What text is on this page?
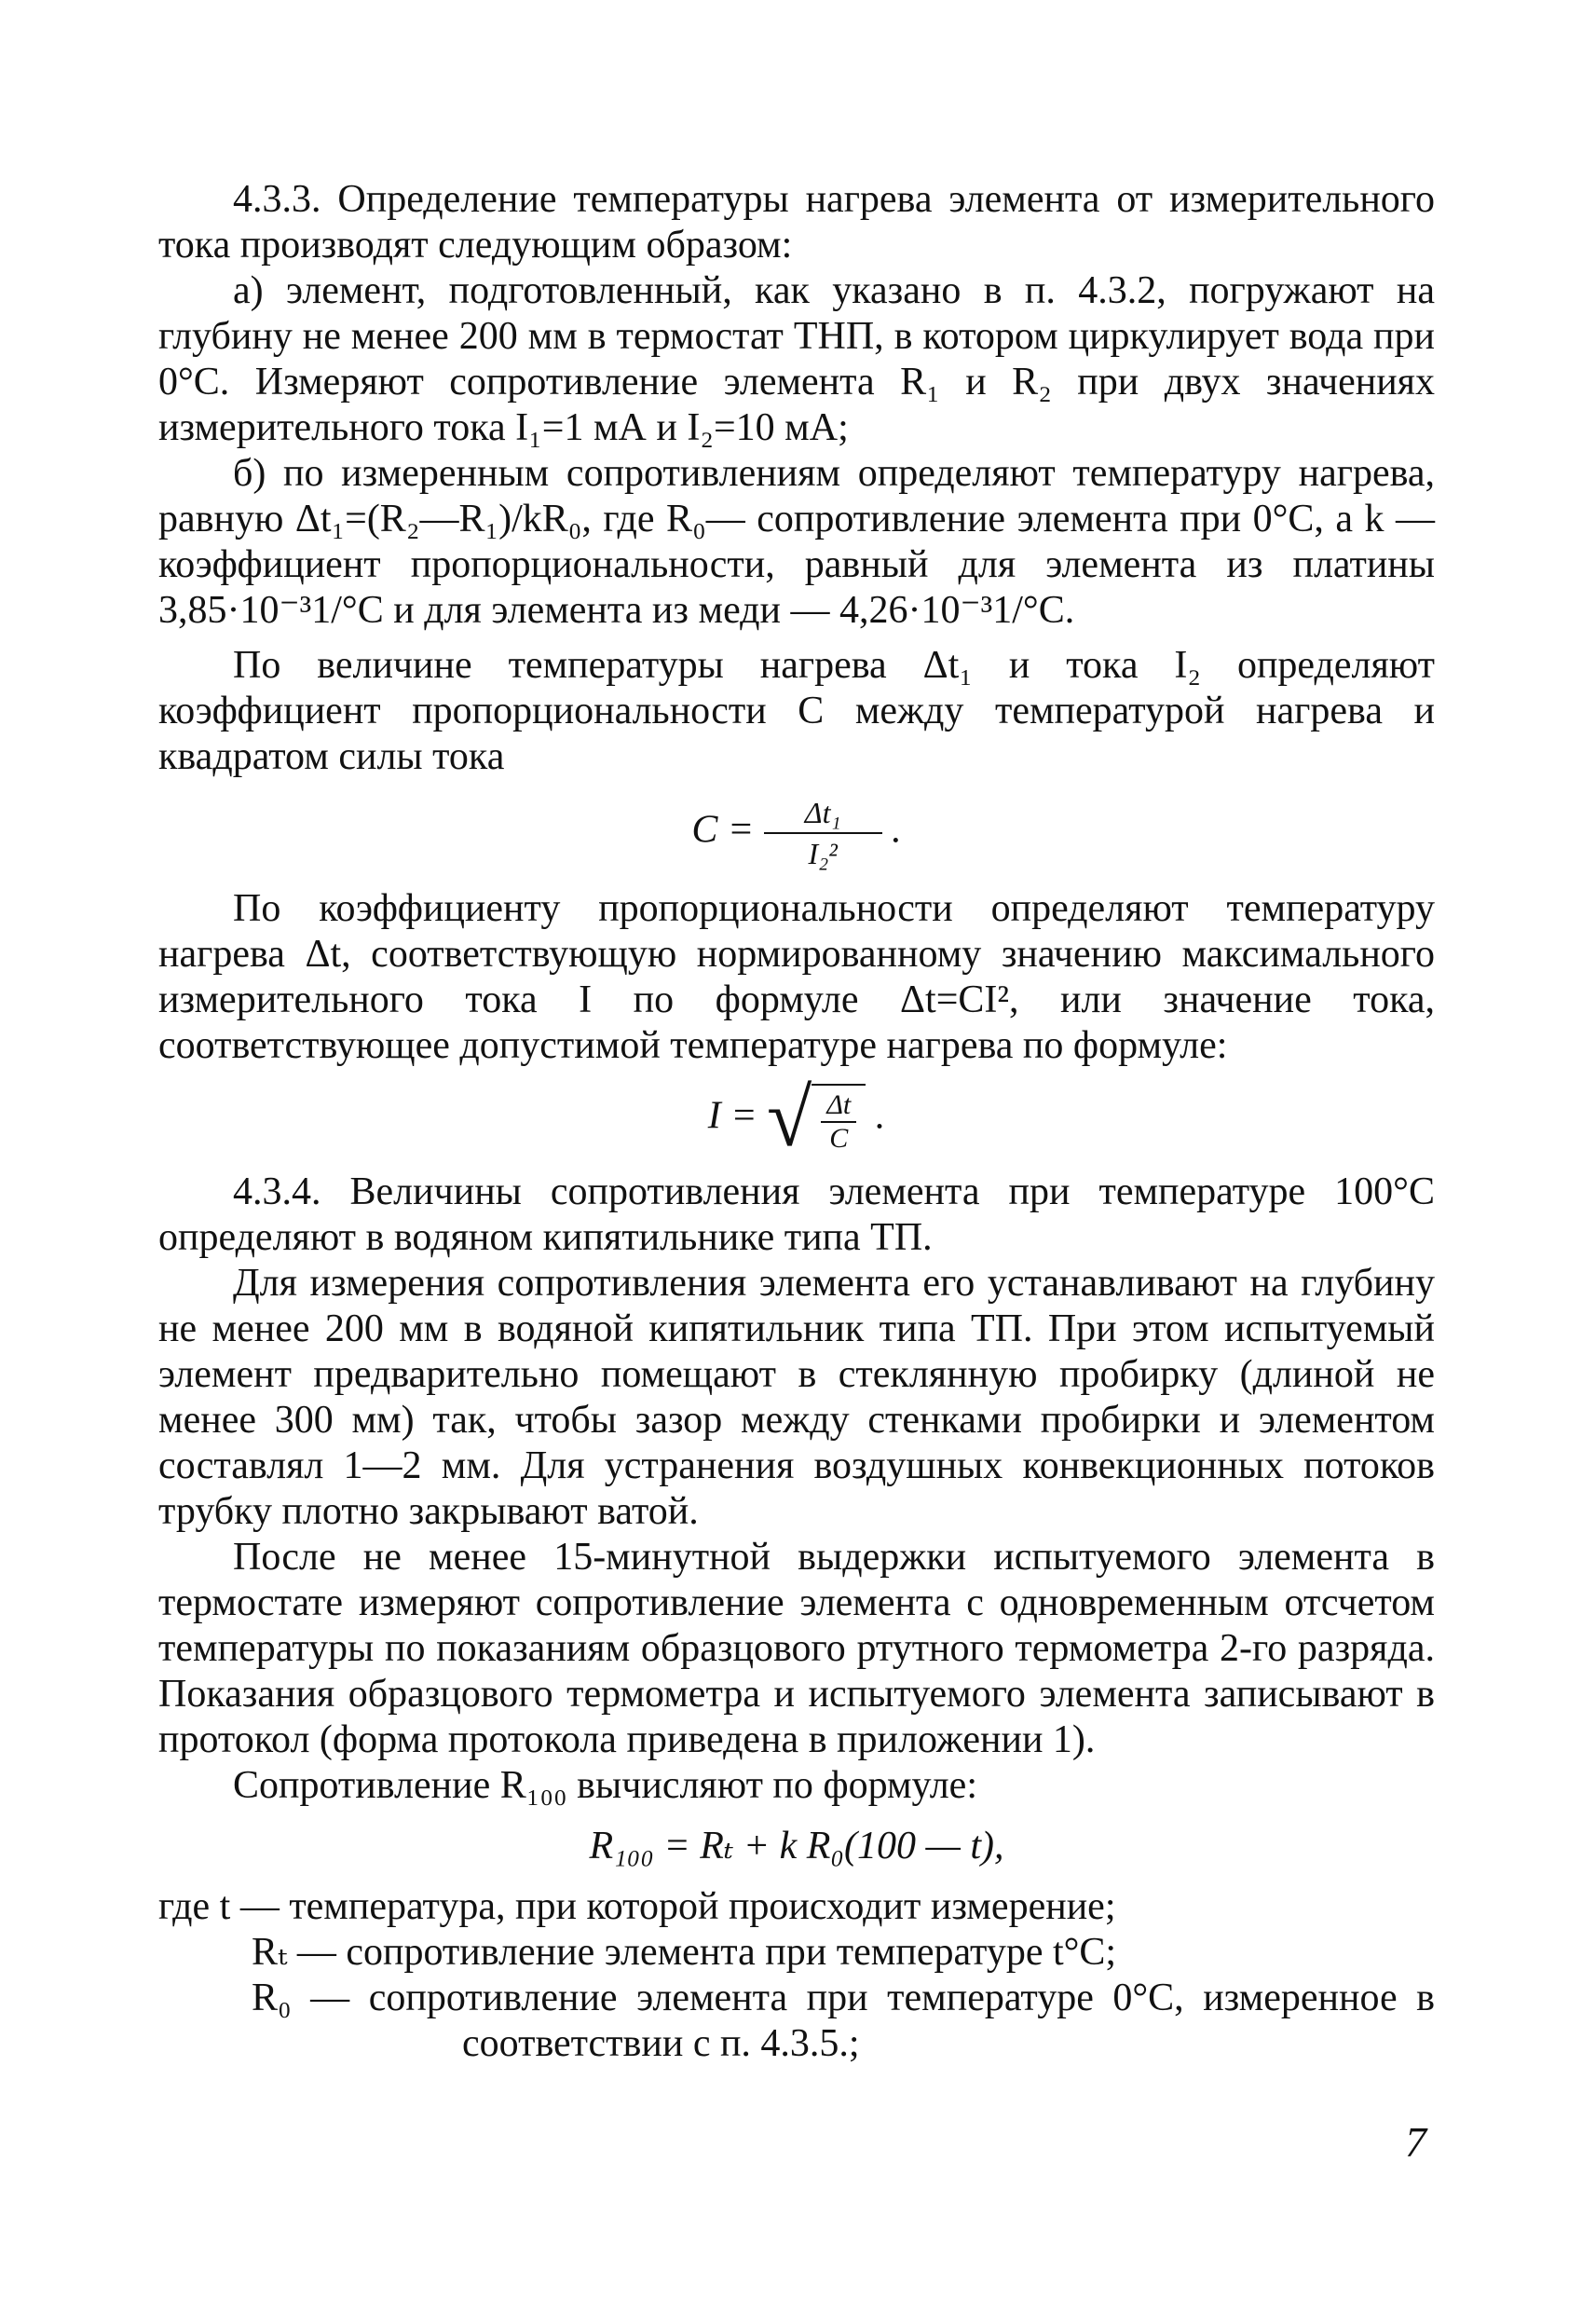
4.3.3. Определение температуры нагрева элемента от измерительного тока производят следующим образом:

а) элемент, подготовленный, как указано в п. 4.3.2, погружают на глубину не менее 200 мм в термостат ТНП, в котором циркулирует вода при 0°С. Измеряют сопротивление элемента R₁ и R₂ при двух значениях измерительного тока I₁=1 мА и I₂=10 мА;

б) по измеренным сопротивлениям определяют температуру нагрева, равную Δt₁=(R₂—R₁)/kR₀, где R₀— сопротивление элемента при 0°С, а k — коэффициент пропорциональности, равный для элемента из платины 3,85·10⁻³1/°С и для элемента из меди — 4,26·10⁻³1/°С.

По величине температуры нагрева Δt₁ и тока I₂ определяют коэффициент пропорциональности С между температурой нагрева и квадратом силы тока

$C = \frac{\text{Δt₁}}{\text{I₂²}}$ .

По коэффициенту пропорциональности определяют температуру нагрева Δt, соответствующую нормированному значению максимального измерительного тока I по формуле Δt=CI², или значение тока, соответствующее допустимой температуре нагрева по формуле:

I = √ $\frac{\Delta t}{C}$ .

4.3.4. Величины сопротивления элемента при температуре 100°С определяют в водяном кипятильнике типа ТП.

Для измерения сопротивления элемента его устанавливают на глубину не менее 200 мм в водяной кипятильник типа ТП. При этом испытуемый элемент предварительно помещают в стеклянную пробирку (длиной не менее 300 мм) так, чтобы зазор между стенками пробирки и элементом составлял 1—2 мм. Для устранения воздушных конвекционных потоков трубку плотно закрывают ватой.

После не менее 15-минутной выдержки испытуемого элемента в термостате измеряют сопротивление элемента с одновременным отсчетом температуры по показаниям образцового ртутного термометра 2-го разряда. Показания образцового термометра и испытуемого элемента записывают в протокол (форма протокола приведена в приложении 1).

Сопротивление R₁₀₀ вычисляют по формуле:

R₁₀₀ = Rₜ + k R₀(100 — t),

где t — температура, при которой происходит измерение;

Rₜ — сопротивление элемента при температуре t°С;

R₀ — сопротивление элемента при температуре 0°С, измеренное в соответствии с п. 4.3.5.;

7
